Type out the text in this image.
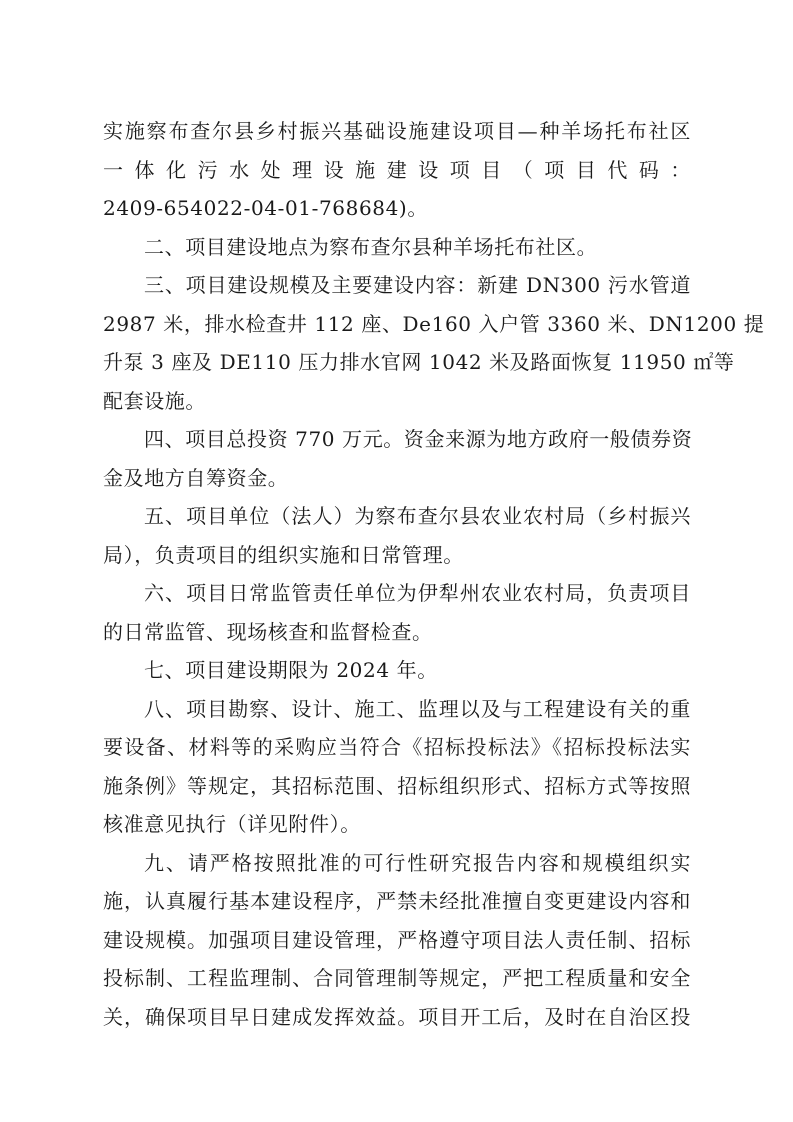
实施察布查尔县乡村振兴基础设施建设项目—种羊场托布社区
一体化污水处理设施建设项目（项目代码：
2409-654022-04-01-768684)。
二、项目建设地点为察布查尔县种羊场托布社区。
三、项目建设规模及主要建设内容：新建 DN300 污水管道
2987 米，排水检查井 112 座、De160 入户管 3360 米、DN1200 提
升泵 3 座及 DE110 压力排水官网 1042 米及路面恢复 11950 ㎡等
配套设施。
四、项目总投资 770 万元。资金来源为地方政府一般债券资
金及地方自筹资金。
五、项目单位（法人）为察布查尔县农业农村局（乡村振兴
局），负责项目的组织实施和日常管理。
六、项目日常监管责任单位为伊犁州农业农村局，负责项目
的日常监管、现场核查和监督检查。
七、项目建设期限为 2024 年。
八、项目勘察、设计、施工、监理以及与工程建设有关的重
要设备、材料等的采购应当符合《招标投标法》《招标投标法实
施条例》等规定，其招标范围、招标组织形式、招标方式等按照
核准意见执行（详见附件）。
九、请严格按照批准的可行性研究报告内容和规模组织实
施，认真履行基本建设程序，严禁未经批准擅自变更建设内容和
建设规模。加强项目建设管理，严格遵守项目法人责任制、招标
投标制、工程监理制、合同管理制等规定，严把工程质量和安全
关，确保项目早日建成发挥效益。项目开工后，及时在自治区投
